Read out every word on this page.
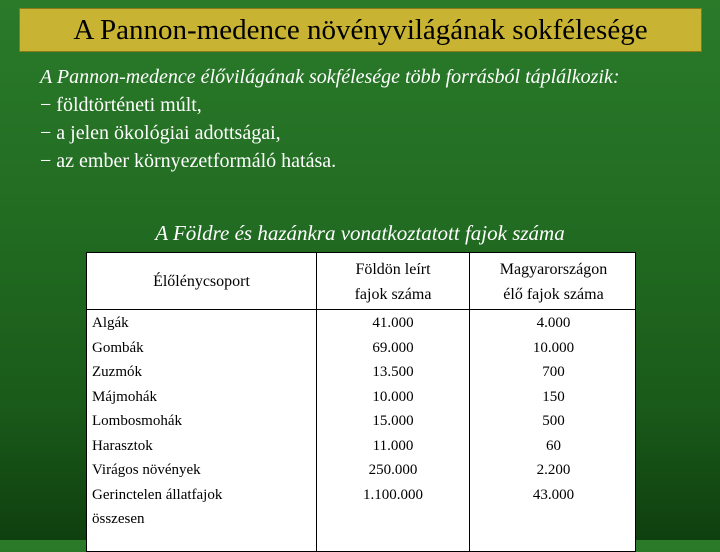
A Pannon-medence növényvilágának sokfélesége
A Pannon-medence élővilágának sokfélesége több forrásból táplálkozik:
− földtörténeti múlt,
− a jelen ökológiai adottságai,
− az ember környezetformáló hatása.
A Földre és hazánkra vonatkoztatott fajok száma
Élőlénycsoport
Földön leírt
fajok száma
Magyarországon
élő fajok száma
Algák
Gombák
Zuzmók
Májmohák
Lombosmohák
Harasztok
Virágos növények
Gerinctelen állatfajok
összesen
41.000
69.000
13.500
10.000
15.000
11.000
250.000
1.100.000
4.000
10.000
700
150
500
60
2.200
43.000
